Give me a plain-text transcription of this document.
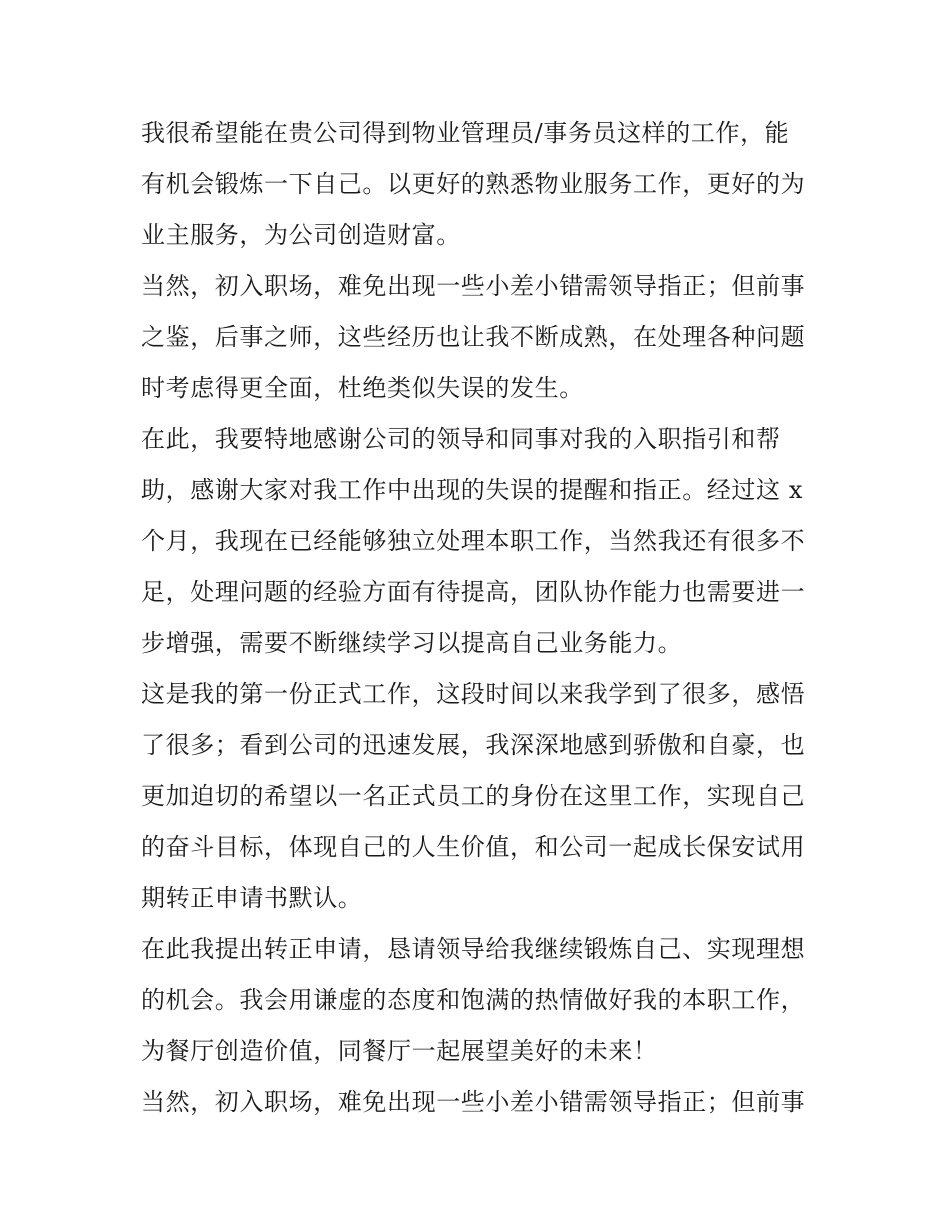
我很希望能在贵公司得到物业管理员/事务员这样的工作，能
有机会锻炼一下自己。以更好的熟悉物业服务工作，更好的为
业主服务，为公司创造财富。
当然，初入职场，难免出现一些小差小错需领导指正；但前事
之鉴，后事之师，这些经历也让我不断成熟，在处理各种问题
时考虑得更全面，杜绝类似失误的发生。
在此，我要特地感谢公司的领导和同事对我的入职指引和帮
助，感谢大家对我工作中出现的失误的提醒和指正。经过这 x
个月，我现在已经能够独立处理本职工作，当然我还有很多不
足，处理问题的经验方面有待提高，团队协作能力也需要进一
步增强，需要不断继续学习以提高自己业务能力。
这是我的第一份正式工作，这段时间以来我学到了很多，感悟
了很多；看到公司的迅速发展，我深深地感到骄傲和自豪，也
更加迫切的希望以一名正式员工的身份在这里工作，实现自己
的奋斗目标，体现自己的人生价值，和公司一起成长保安试用
期转正申请书默认。
在此我提出转正申请，恳请领导给我继续锻炼自己、实现理想
的机会。我会用谦虚的态度和饱满的热情做好我的本职工作，
为餐厅创造价值，同餐厅一起展望美好的未来！
当然，初入职场，难免出现一些小差小错需领导指正；但前事
